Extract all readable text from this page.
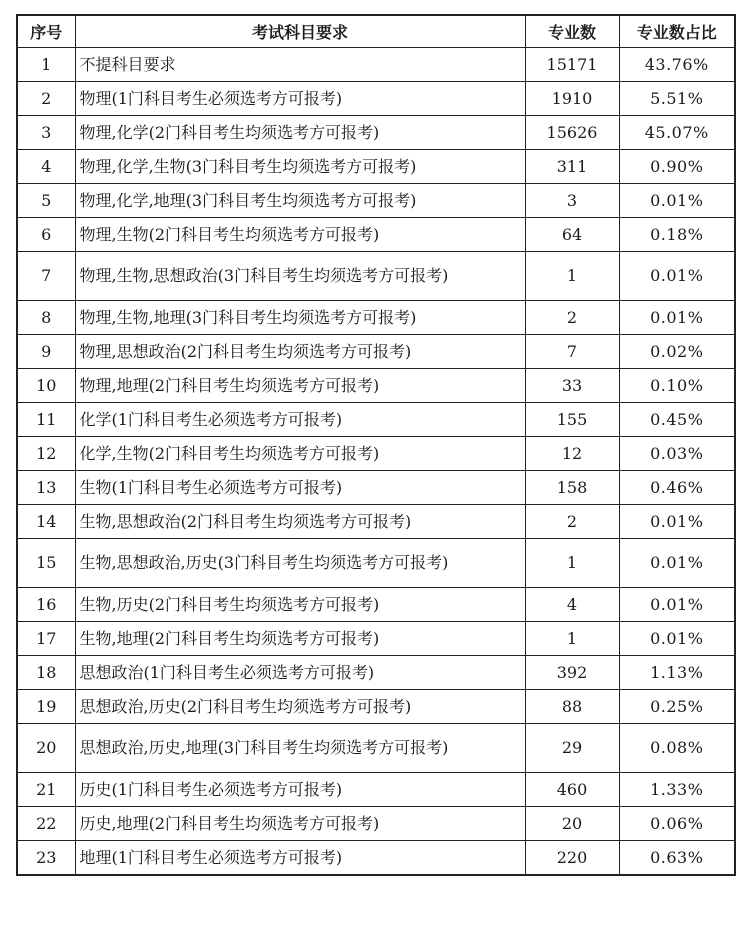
序号	考试科目要求	专业数	专业数占比
1	不提科目要求	15171	43.76%
2	物理(1门科目考生必须选考方可报考)	1910	5.51%
3	物理,化学(2门科目考生均须选考方可报考)	15626	45.07%
4	物理,化学,生物(3门科目考生均须选考方可报考)	311	0.90%
5	物理,化学,地理(3门科目考生均须选考方可报考)	3	0.01%
6	物理,生物(2门科目考生均须选考方可报考)	64	0.18%
7	物理,生物,思想政治(3门科目考生均须选考方可报考)	1	0.01%
8	物理,生物,地理(3门科目考生均须选考方可报考)	2	0.01%
9	物理,思想政治(2门科目考生均须选考方可报考)	7	0.02%
10	物理,地理(2门科目考生均须选考方可报考)	33	0.10%
11	化学(1门科目考生必须选考方可报考)	155	0.45%
12	化学,生物(2门科目考生均须选考方可报考)	12	0.03%
13	生物(1门科目考生必须选考方可报考)	158	0.46%
14	生物,思想政治(2门科目考生均须选考方可报考)	2	0.01%
15	生物,思想政治,历史(3门科目考生均须选考方可报考)	1	0.01%
16	生物,历史(2门科目考生均须选考方可报考)	4	0.01%
17	生物,地理(2门科目考生均须选考方可报考)	1	0.01%
18	思想政治(1门科目考生必须选考方可报考)	392	1.13%
19	思想政治,历史(2门科目考生均须选考方可报考)	88	0.25%
20	思想政治,历史,地理(3门科目考生均须选考方可报考)	29	0.08%
21	历史(1门科目考生必须选考方可报考)	460	1.33%
22	历史,地理(2门科目考生均须选考方可报考)	20	0.06%
23	地理(1门科目考生必须选考方可报考)	220	0.63%
